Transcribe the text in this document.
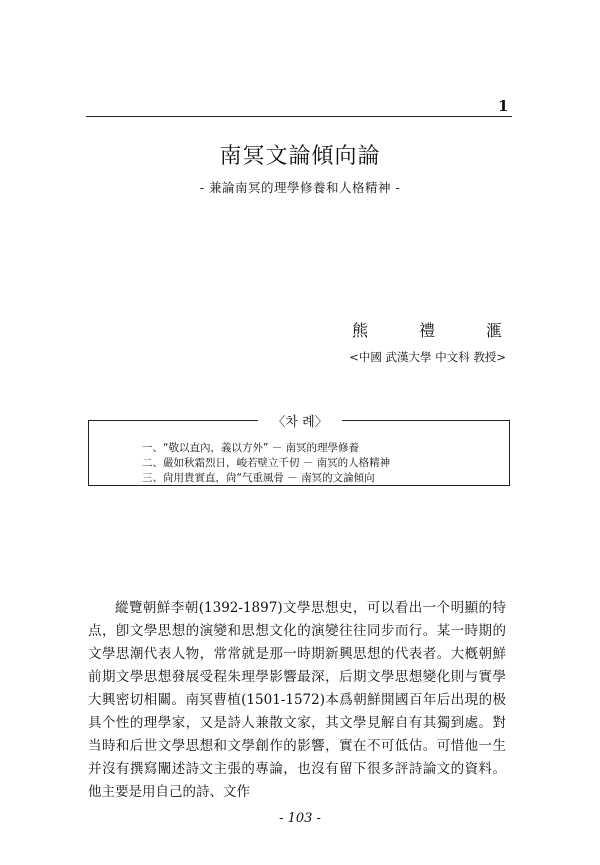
1
南冥文論傾向論
- 兼論南冥的理學修養和人格精神 -
熊	禮	滙
<中國 武漢大學 中文科 教授>
〈차 례〉
一、“敬以直內，義以方外” － 南冥的理學修養
二、嚴如秋霜烈日，峻若壁立千仞 － 南冥的人格精神
三、尙用貴實直，尙“气重風骨 － 南冥的文論傾向

縱覽朝鮮李朝(1392-1897)文學思想史，可以看出一个明顯的特点，卽文學思想的演變和思想文化的演變往往同步而行。某一時期的文學思潮代表人物，常常就是那一時期新興思想的代表者。大槪朝鮮前期文學思想發展受程朱理學影響最深，后期文學思想變化則与實學大興密切相關。南冥曹植(1501-1572)本爲朝鮮開國百年后出現的极具个性的理學家，又是詩人兼散文家，其文學見解自有其獨到處。對当時和后世文學思想和文學創作的影響，實在不可低估。可惜他一生并沒有撰寫闡述詩文主張的專論，也沒有留下很多評詩論文的資料。他主要是用自己的詩、文作

- 103 -
